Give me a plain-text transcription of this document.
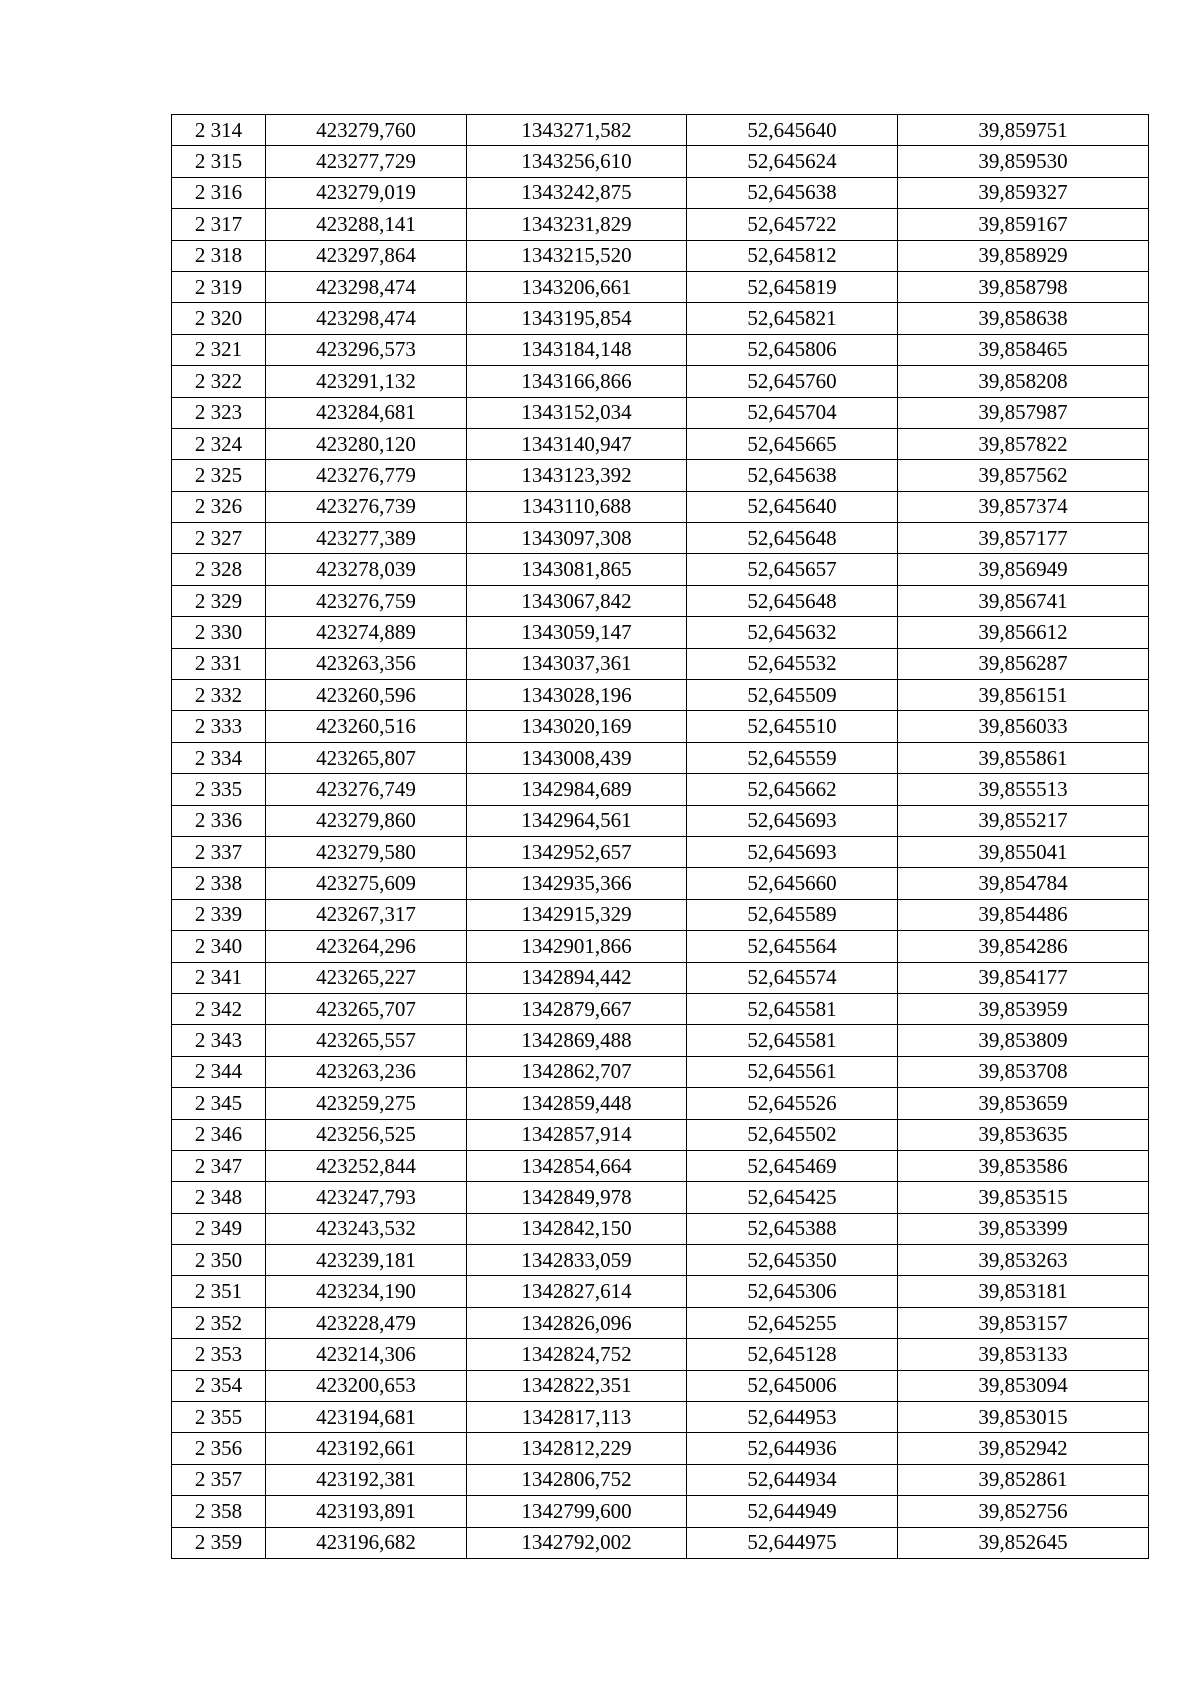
2 314	423279,760	1343271,582	52,645640	39,859751
2 315	423277,729	1343256,610	52,645624	39,859530
2 316	423279,019	1343242,875	52,645638	39,859327
2 317	423288,141	1343231,829	52,645722	39,859167
2 318	423297,864	1343215,520	52,645812	39,858929
2 319	423298,474	1343206,661	52,645819	39,858798
2 320	423298,474	1343195,854	52,645821	39,858638
2 321	423296,573	1343184,148	52,645806	39,858465
2 322	423291,132	1343166,866	52,645760	39,858208
2 323	423284,681	1343152,034	52,645704	39,857987
2 324	423280,120	1343140,947	52,645665	39,857822
2 325	423276,779	1343123,392	52,645638	39,857562
2 326	423276,739	1343110,688	52,645640	39,857374
2 327	423277,389	1343097,308	52,645648	39,857177
2 328	423278,039	1343081,865	52,645657	39,856949
2 329	423276,759	1343067,842	52,645648	39,856741
2 330	423274,889	1343059,147	52,645632	39,856612
2 331	423263,356	1343037,361	52,645532	39,856287
2 332	423260,596	1343028,196	52,645509	39,856151
2 333	423260,516	1343020,169	52,645510	39,856033
2 334	423265,807	1343008,439	52,645559	39,855861
2 335	423276,749	1342984,689	52,645662	39,855513
2 336	423279,860	1342964,561	52,645693	39,855217
2 337	423279,580	1342952,657	52,645693	39,855041
2 338	423275,609	1342935,366	52,645660	39,854784
2 339	423267,317	1342915,329	52,645589	39,854486
2 340	423264,296	1342901,866	52,645564	39,854286
2 341	423265,227	1342894,442	52,645574	39,854177
2 342	423265,707	1342879,667	52,645581	39,853959
2 343	423265,557	1342869,488	52,645581	39,853809
2 344	423263,236	1342862,707	52,645561	39,853708
2 345	423259,275	1342859,448	52,645526	39,853659
2 346	423256,525	1342857,914	52,645502	39,853635
2 347	423252,844	1342854,664	52,645469	39,853586
2 348	423247,793	1342849,978	52,645425	39,853515
2 349	423243,532	1342842,150	52,645388	39,853399
2 350	423239,181	1342833,059	52,645350	39,853263
2 351	423234,190	1342827,614	52,645306	39,853181
2 352	423228,479	1342826,096	52,645255	39,853157
2 353	423214,306	1342824,752	52,645128	39,853133
2 354	423200,653	1342822,351	52,645006	39,853094
2 355	423194,681	1342817,113	52,644953	39,853015
2 356	423192,661	1342812,229	52,644936	39,852942
2 357	423192,381	1342806,752	52,644934	39,852861
2 358	423193,891	1342799,600	52,644949	39,852756
2 359	423196,682	1342792,002	52,644975	39,852645
